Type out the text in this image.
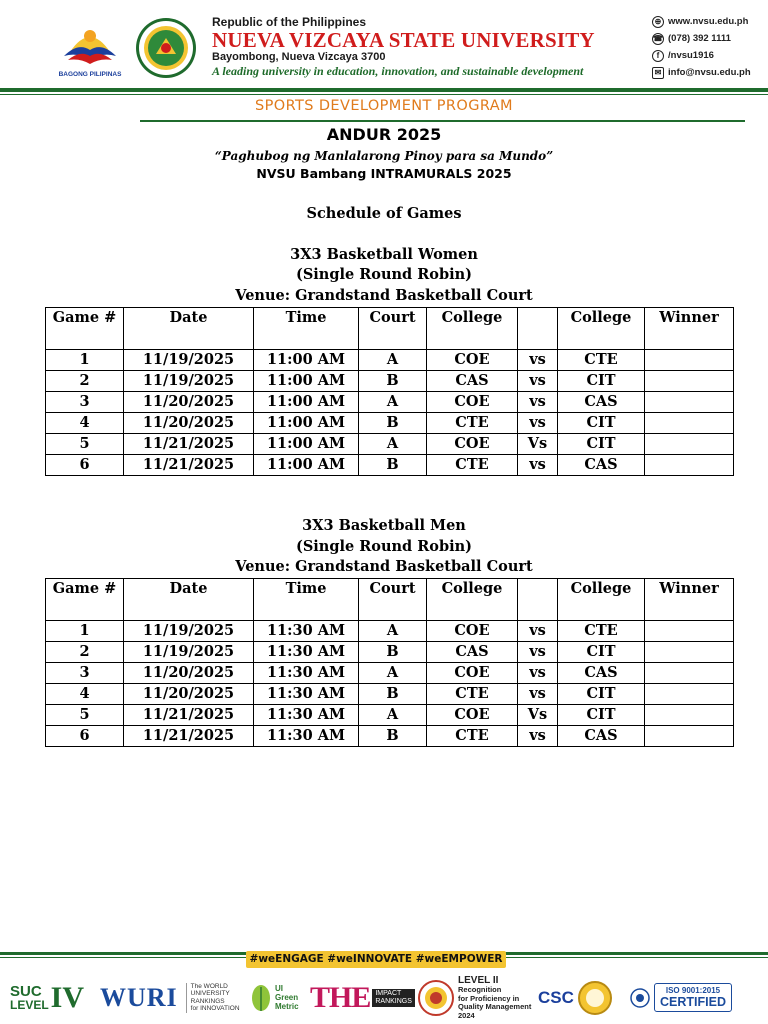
BAGONG PILIPINAS
Republic of the Philippines
NUEVA VIZCAYA STATE UNIVERSITY
Bayombong, Nueva Vizcaya 3700
A leading university in education, innovation, and sustainable development
⊕ www.nvsu.edu.ph
☎ (078) 392 1111
f /nvsu1916
✉ info@nvsu.edu.ph
SPORTS DEVELOPMENT PROGRAM
ANDUR 2025
“Paghubog ng Manlalarong Pinoy para sa Mundo”
NVSU Bambang INTRAMURALS 2025
Schedule of Games
3X3 Basketball Women
(Single Round Robin)
Venue: Grandstand Basketball Court
Game #	Date	Time	Court	College		College	Winner
1	11/19/2025	11:00 AM	A	COE	vs	CTE	
2	11/19/2025	11:00 AM	B	CAS	vs	CIT	
3	11/20/2025	11:00 AM	A	COE	vs	CAS	
4	11/20/2025	11:00 AM	B	CTE	vs	CIT	
5	11/21/2025	11:00 AM	A	COE	Vs	CIT	
6	11/21/2025	11:00 AM	B	CTE	vs	CAS	
3X3 Basketball Men
(Single Round Robin)
Venue: Grandstand Basketball Court
Game #	Date	Time	Court	College		College	Winner
1	11/19/2025	11:30 AM	A	COE	vs	CTE	
2	11/19/2025	11:30 AM	B	CAS	vs	CIT	
3	11/20/2025	11:30 AM	A	COE	vs	CAS	
4	11/20/2025	11:30 AM	B	CTE	vs	CIT	
5	11/21/2025	11:30 AM	A	COE	Vs	CIT	
6	11/21/2025	11:30 AM	B	CTE	vs	CAS	
#weENGAGE #weINNOVATE #weEMPOWER
SUC
LEVEL IV WURI The WORLD
UNIVERSITY
RANKINGS
for INNOVATION
UI
Green
Metric THE IMPACT
RANKINGS
LEVEL II
Recognition
for Proficiency in
Quality Management
2024
CSC	ISO 9001:2015
CERTIFIED
